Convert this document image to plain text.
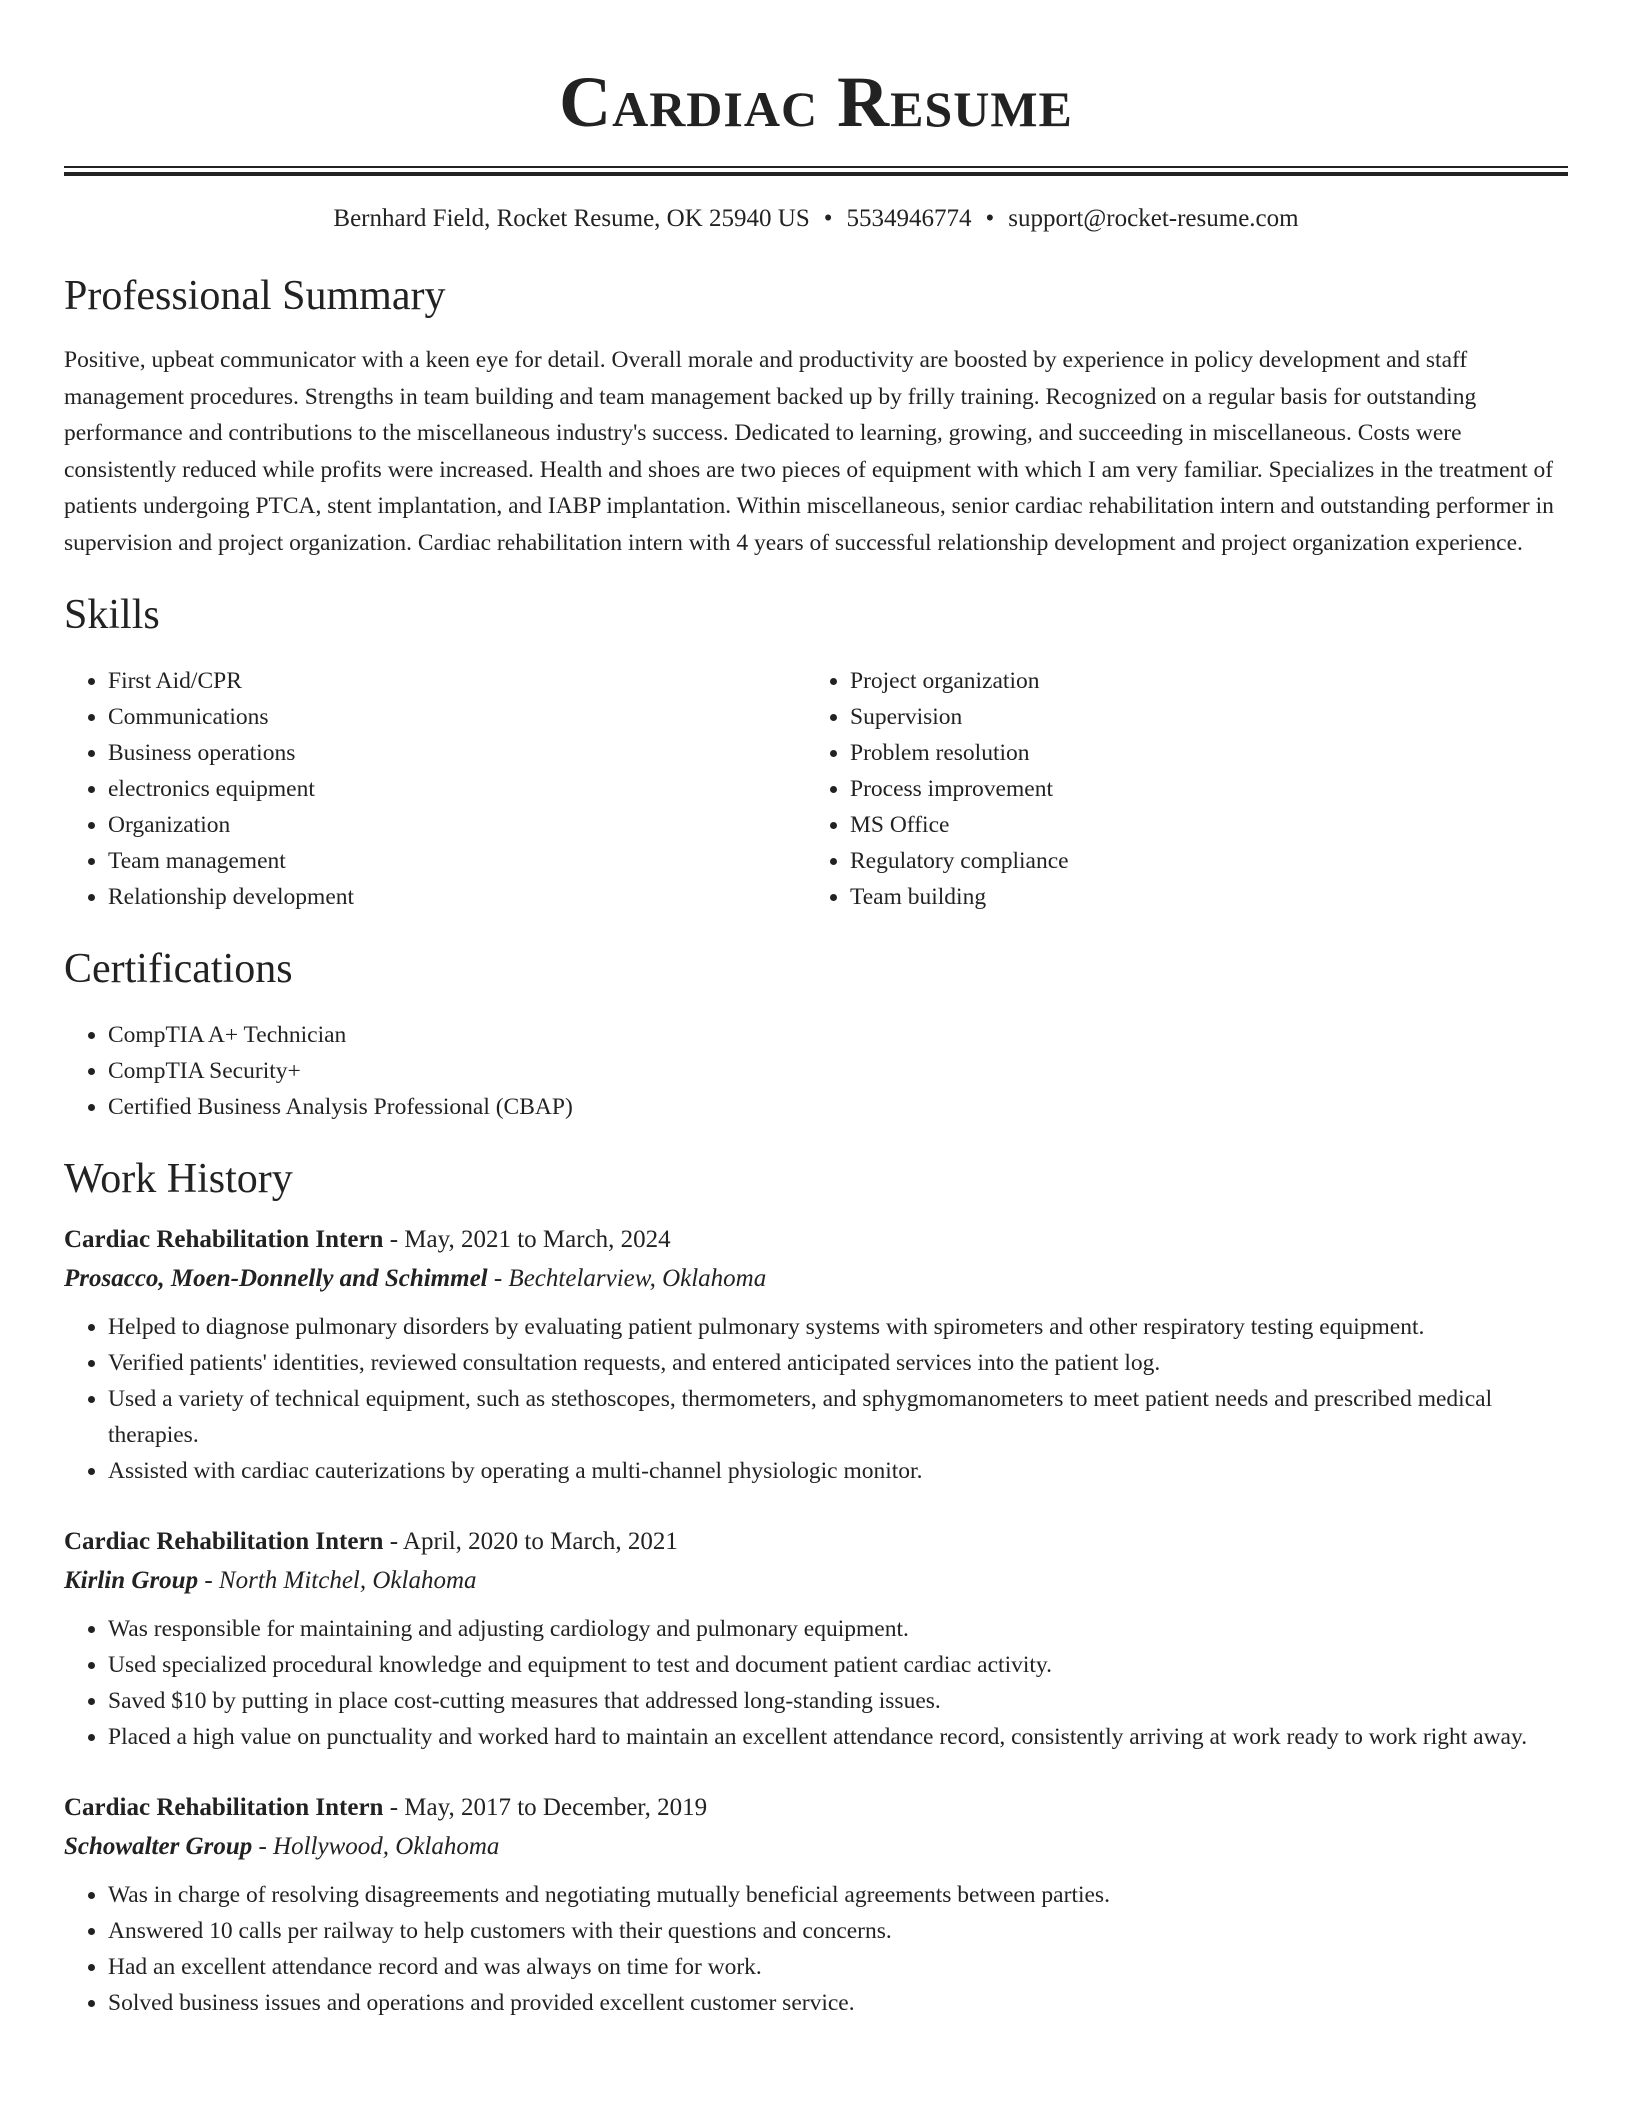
Cardiac Resume
Bernhard Field, Rocket Resume, OK 25940 US • 5534946774 • support@rocket-resume.com
Professional Summary

Positive, upbeat communicator with a keen eye for detail. Overall morale and productivity are boosted by experience in policy development and staff management procedures. Strengths in team building and team management backed up by frilly training. Recognized on a regular basis for outstanding performance and contributions to the miscellaneous industry's success. Dedicated to learning, growing, and succeeding in miscellaneous. Costs were consistently reduced while profits were increased. Health and shoes are two pieces of equipment with which I am very familiar. Specializes in the treatment of patients undergoing PTCA, stent implantation, and IABP implantation. Within miscellaneous, senior cardiac rehabilitation intern and outstanding performer in supervision and project organization. Cardiac rehabilitation intern with 4 years of successful relationship development and project organization experience.

Skills
• First Aid/CPR
• Communications
• Business operations
• electronics equipment
• Organization
• Team management
• Relationship development
• Project organization
• Supervision
• Problem resolution
• Process improvement
• MS Office
• Regulatory compliance
• Team building
Certifications
• CompTIA A+ Technician
• CompTIA Security+
• Certified Business Analysis Professional (CBAP)
Work History

Cardiac Rehabilitation Intern - May, 2021 to March, 2024

Prosacco, Moen-Donnelly and Schimmel - Bechtelarview, Oklahoma

• Helped to diagnose pulmonary disorders by evaluating patient pulmonary systems with spirometers and other respiratory testing equipment.
• Verified patients' identities, reviewed consultation requests, and entered anticipated services into the patient log.
• Used a variety of technical equipment, such as stethoscopes, thermometers, and sphygmomanometers to meet patient needs and prescribed medical therapies.
• Assisted with cardiac cauterizations by operating a multi-channel physiologic monitor.

Cardiac Rehabilitation Intern - April, 2020 to March, 2021

Kirlin Group - North Mitchel, Oklahoma

• Was responsible for maintaining and adjusting cardiology and pulmonary equipment.
• Used specialized procedural knowledge and equipment to test and document patient cardiac activity.
• Saved $10 by putting in place cost-cutting measures that addressed long-standing issues.
• Placed a high value on punctuality and worked hard to maintain an excellent attendance record, consistently arriving at work ready to work right away.

Cardiac Rehabilitation Intern - May, 2017 to December, 2019

Schowalter Group - Hollywood, Oklahoma

• Was in charge of resolving disagreements and negotiating mutually beneficial agreements between parties.
• Answered 10 calls per railway to help customers with their questions and concerns.
• Had an excellent attendance record and was always on time for work.
• Solved business issues and operations and provided excellent customer service.
